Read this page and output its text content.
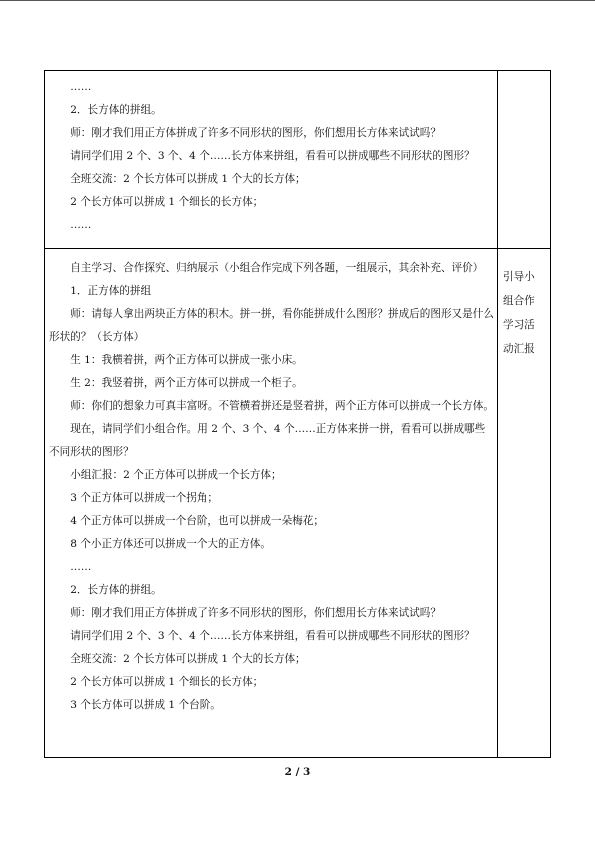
……

2．长方体的拼组。

师：刚才我们用正方体拼成了许多不同形状的图形，你们想用长方体来试试吗？

请同学们用 2 个、3 个、4 个……长方体来拼组，看看可以拼成哪些不同形状的图形？

全班交流：2 个长方体可以拼成 1 个大的长方体；

2 个长方体可以拼成 1 个细长的长方体；

……

自主学习、合作探究、归纳展示（小组合作完成下列各题，一组展示，其余补充、评价）

1．正方体的拼组

师：请每人拿出两块正方体的积木。拼一拼，看你能拼成什么图形？拼成后的图形又是什么形状的？（长方体）

生 1：我横着拼，两个正方体可以拼成一张小床。

生 2：我竖着拼，两个正方体可以拼成一个柜子。

师：你们的想象力可真丰富呀。不管横着拼还是竖着拼，两个正方体可以拼成一个长方体。

现在，请同学们小组合作。用 2 个、3 个、4 个……正方体来拼一拼，看看可以拼成哪些不同形状的图形？

小组汇报：2 个正方体可以拼成一个长方体；

3 个正方体可以拼成一个拐角；

4 个正方体可以拼成一个台阶，也可以拼成一朵梅花；

8 个小正方体还可以拼成一个大的正方体。

……

2．长方体的拼组。

师：刚才我们用正方体拼成了许多不同形状的图形，你们想用长方体来试试吗？

请同学们用 2 个、3 个、4 个……长方体来拼组，看看可以拼成哪些不同形状的图形？

全班交流：2 个长方体可以拼成 1 个大的长方体；

2 个长方体可以拼成 1 个细长的长方体；

3 个长方体可以拼成 1 个台阶。

引导小

组合作

学习活

动汇报

2 / 3
